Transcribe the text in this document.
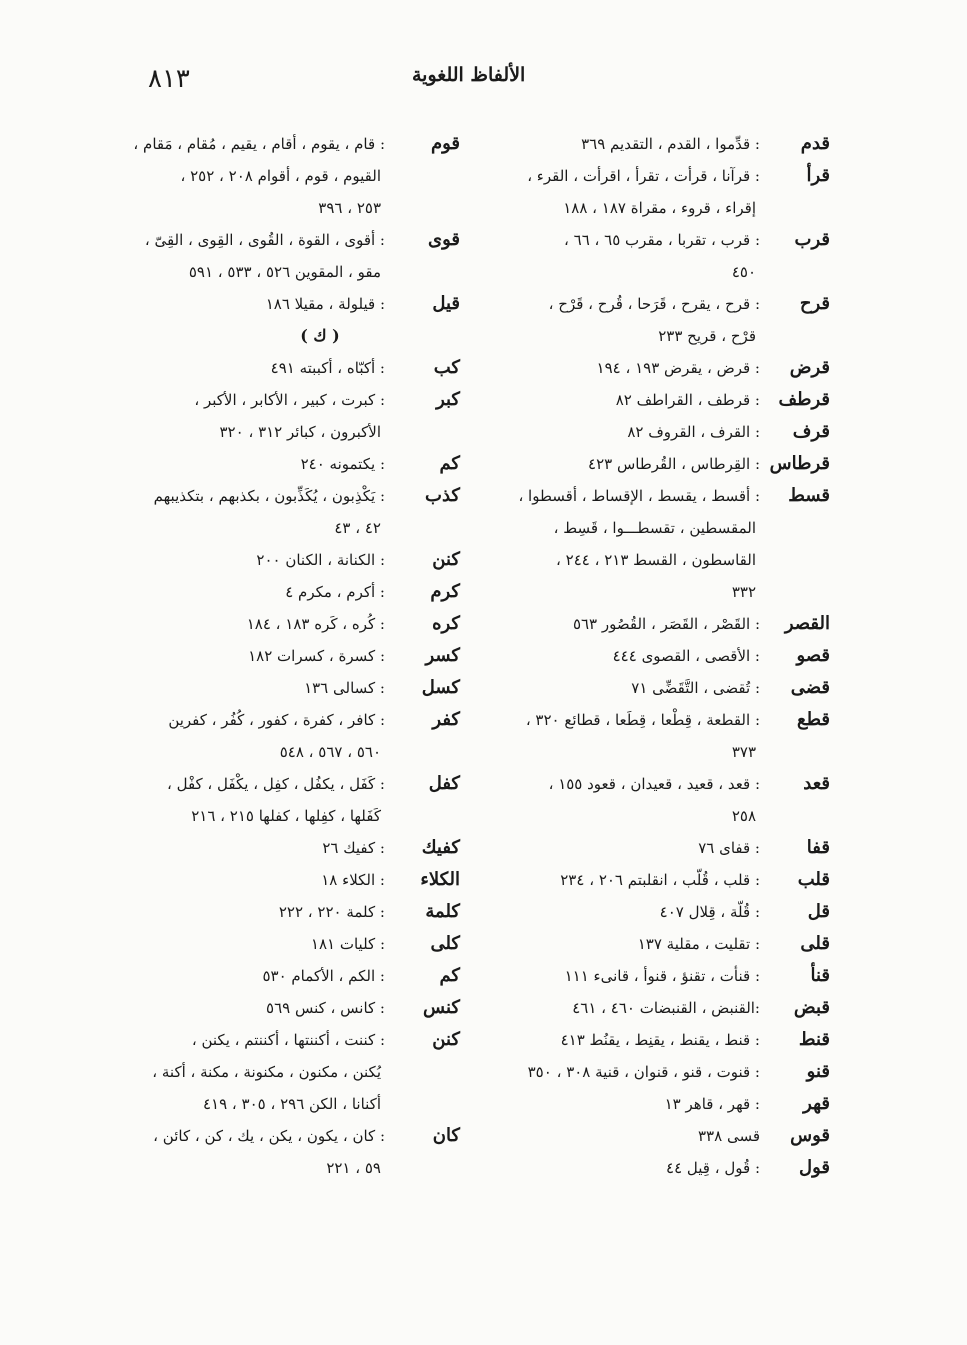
٨١٣	الألفاظ اللغوية
قدم
: قدِّموا ، القدم ، التقديم ٣٦٩
قرأ
: قرآنا ، قرأت ، تقرأ ، اقرأت ، القرء ،
إقراء ، قروء ، مقراة ١٨٧ ، ١٨٨
قرب
: قرب ، تقربا ، مقرب ٦٥ ، ٦٦ ،
٤٥٠
قرح
: قرح ، يقرح ، قَرَحا ، قُرح ، قَرْح ،
قرْح ، قريح ٢٣٣
قرض
: قرض ، يقرض ١٩٣ ، ١٩٤
قرطف
: قرطف ، القراطف ٨٢
قرف
: القرف ، القروف ٨٢
قرطاس
: القِرطاس ، القُرطاس ٤٢٣
قسط
: أقسط ، يقسط ، الإقساط ، أقسطوا ،
المقسطين ، تقسطـــوا ، قَسِط ،
القاسطون ، القسط ٢١٣ ، ٢٤٤ ،
٣٣٢
القصر
: القَصْر ، القَصَر ، القُصُور ٥٦٣
قصو
: الأقصى ، القصوى ٤٤٤
قضى
: تُقضى ، التَّقَضِّى ٧١
قطع
: القطعة ، قِطْعا ، قِطَعا ، قطائع ٣٢٠ ،
٣٧٣
قعد
: قعد ، قعيد ، قعيدان ، قعود ١٥٥ ،
٢٥٨
قفا
: قفاى ٧٦
قلب
: قلب ، قُلّب ، انقلبتم ٢٠٦ ، ٢٣٤
قل
: قُلّة ، قِلال ٤٠٧
قلى
: تقليت ، مقلية ١٣٧
قنأ
: قنأت ، تقنؤ ، قنوأ ، قانىء ١١١
قبض
:القنبض ، القنبضات ٤٦٠ ، ٤٦١
قنط
: قنط ، يقنط ، يقنِط ، يقنُط ٤١٣
قنو
: قنوت ، قنو ، قنوان ، قنية ٣٠٨ ، ٣٥٠
قهر
: قهر ، قاهر ١٣
قوس
قسى ٣٣٨
قول
: قُول ، قِيل ٤٤
قوم
: قام ، يقوم ، أقام ، يقيم ، مُقام ، مَقام ،
القيوم ، قوم ، أقوام ٢٠٨ ، ٢٥٢ ،
٢٥٣ ، ٣٩٦
قوى
: أقوى ، القوة ، القُوى ، القِوى ، القِىّ ،
مقو ، المقوين ٥٢٦ ، ٥٣٣ ، ٥٩١
قيل
: قيلولة ، مقيلا ١٨٦
( ك )
كب
: أكبّاه ، أكببته ٤٩١
كبر
: كبرت ، كبير ، الأكابر ، الأكبر ،
الأكبرون ، كبائر ٣١٢ ، ٣٢٠
كم
: يكتمونه ٢٤٠
كذب
: يَكْذِبون ، يُكَذِّبون ، بكذبهم ، بتكذيبهم
٤٢ ، ٤٣
كنن
: الكنانة ، الكنان ٢٠٠
كرم
: أكرم ، مكرم ٤
كره
: كُره ، كَره ١٨٣ ، ١٨٤
كسر
: كسرة ، كسرات ١٨٢
كسل
: كسالى ١٣٦
كفر
: كافر ، كفرة ، كفور ، كُفُر ، كفرين
٥٦٠ ، ٥٦٧ ، ٥٤٨
كفل
: كَفَل ، يكفُل ، كفِل ، يكْفَل ، كفْل ،
كَفَلها ، كفِلها ، كفلها ٢١٥ ، ٢١٦
كفيك
: كفيك ٢٦
الكلاء
: الكلاء ١٨
كلمة
: كلمة ٢٢٠ ، ٢٢٢
كلى
: كليات ١٨١
كم
: الكم ، الأكمام ٥٣٠
كنس
: كانس ، كنس ٥٦٩
كنن
: كننت ، أكننتها ، أكننتم ، يكنن ،
يُكنن ، مكنون ، مكنونة ، مكنة ، أكنة ،
أكنانا ، الكن ٢٩٦ ، ٣٠٥ ، ٤١٩
كان
: كان ، يكون ، يكن ، يك ، كن ، كائن ،
٥٩ ، ٢٢١
